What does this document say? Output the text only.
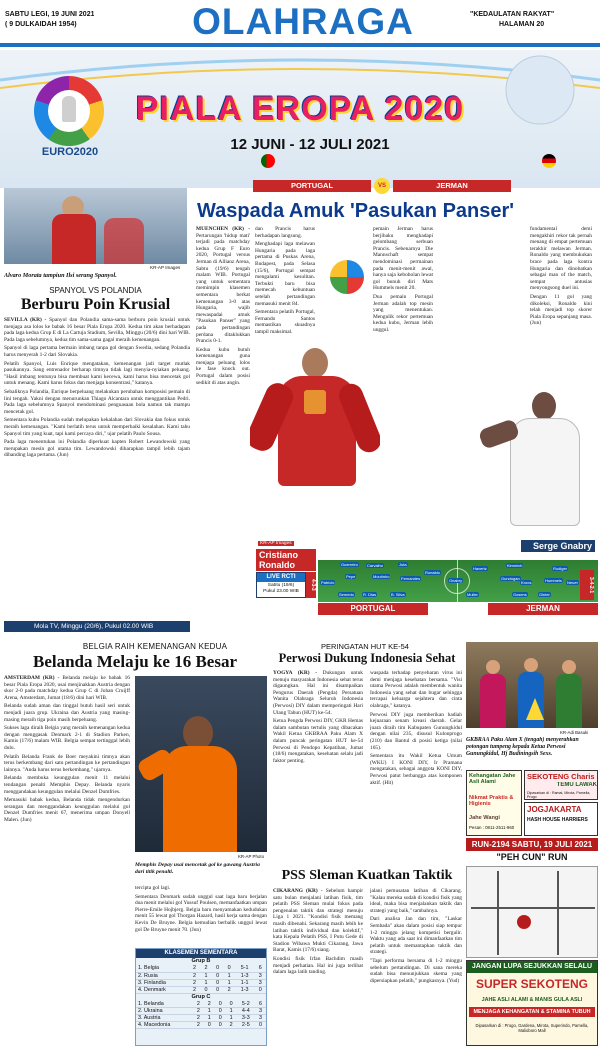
SABTU LEGI, 19 JUNI 2021
( 9 DULKAIDAH 1954)	OLAHRAGA	"KEDAULATAN RAKYAT"
HALAMAN 20
EURO2020
PIALA EROPA 2020
12 JUNI - 12 JULI 2021
KR-AP Images
Alvaro Morata tampiun Ilsi serang Spanyol.
SPANYOL VS POLANDIA
Berburu Poin Krusial

SEVILLA (KR) - Spanyol dan Polandia sama-sama berburu poin krusial untuk menjaga asa lolos ke babak 16 besar Piala Eropa 2020. Kedua tim akan berhadapan pada laga kedua Grup E di La Cartuja Stadium, Sevilla, Minggu (20/6) dini hari WIB. Pada laga sebelumnya, kedua tim sama-sama gagal meraih kemenangan.

Spanyol di laga pertama bermain imbang tanpa gol dengan Swedia, sedang Polandia harus menyerah 1-2 dari Slovakia.

Pelatih Spanyol, Luis Enrique mengatakan, kemenangan jadi target mutlak pasukannya. Sang entrenador berharap timnya tidak lagi menyia-nyiakan peluang. "Hasil imbang tentunya bisa membuat kami kecewa, kami harus bisa mencetak gol untuk menang. Kami harus fokus dan menjaga konsentrasi," katanya.

Sebaliknya Polandia, Enrique berpeluang melakukan perubahan komposisi pemain di lini tengah. Yakni dengan menurunkan Thiago Alcantara untuk menggantikan Pedri. Pada laga sebelumnya Spanyol mendominasi penguasaan bola namun tak mampu mencetak gol.

Sementara kubu Polandia sudah melupakan kekalahan dari Slovakia dan fokus untuk meraih kemenangan. "Kami berlatih terus untuk memperbaiki kesalahan. Kami tahu Spanyol tim yang kuat, tapi kami percaya diri," ujar pelatih Paulo Sousa.

Pada laga menentukan ini Polandia diperkuat kapten Robert Lewandowski yang merupakan mesin gol utama tim. Lewandowski diharapkan tampil lebih tajam dibanding laga pertama. (Jun)

Mola TV, Minggu (20/6), Pukul 02.00 WIB
PORTUGAL	VS	JERMAN
Waspada Amuk 'Pasukan Panser'

MUENCHEN (KR) - Pertarungan 'hidup mati' terjadi pada matchday kedua Grup F Euro 2020, Portugal versus Jerman di Allianz Arena, Sabtu (19/6) tengah malam WIB. Portugal yang untuk sementara memimpin klasemen sementara berkat kemenangan 3-0 atas Hungaria, wajib mewaspadai amuk "Pasukan Panser" yang pada pertandingan perdana ditaklukkan Prancis 0-1.

Kedua kubu butuh kemenangan guna menjaga peluang lolos ke fase knock out. Portugal dalam posisi sedikit di atas angin.

dan Prancis harus berhadapan langsung.

Menghadapi laga melawan Hungaria pada laga pertama di Puskas Arena, Budapest, pada Selasa (15/6), Portugal sempat mengalami kesulitan. Terbukti baru bisa memecah kebuntuan setelah pertandingan memasuki menit 84.

Sementara pelatih Portugal, Fernando Santos memastikan skuadnya tampil maksimal.

pemain Jerman harus berjibaku menghadapi gelombang serbuan Prancis. Sebenarnya Die Mannschaft sempat mendominasi permainan pada menit-menit awal, hanya saja kebobolan lewat gol bunuh diri Mats Hummels menit 20.

Dua pemain Portugal Jerman adalah top mesin yang menentukan. Mengulik rekor pertemuan kedua kubu, Jerman lebih unggul.

fundamental demi mengakhiri rekor tak pernah menang di empat pertemuan terakhir melawan Jerman. Ronaldo yang membukukan brace pada laga kontra Hungaria dan dinobatkan sebagai man of the match, sempat antusias menyongsong duel ini.

Dengan 11 gol yang dikoleksi, Ronaldo kini telah menjadi top skorer Piala Eropa sepanjang masa. (Jun)

KR-AP Images
Cristiano Ronaldo
Serge Gnabry
4-3-3	3-4-2-1
Patricio
Semedo
Pepe
R. Dias
Guerreiro Carvalho
Moutinho
B. Silva
Jota
Fernandes
Ronaldo
Neuer
Ginter
Hummels
Rudiger
Kimmich
Gundogan
Kroos
Gosens
Muller
Havertz
Gnabry
LIVE RCTI
Sabtu (19/6)
Pukul 23.00 WIB
PORTUGAL	JERMAN
BELGIA RAIH KEMENANGAN KEDUA
Belanda Melaju ke 16 Besar

AMSTERDAM (KR) - Belanda melaju ke babak 16 besar Piala Eropa 2020, usai menjinakkan Austria dengan skor 2-0 pada matchday kedua Grup C di Johan Cruijff Arena, Amsterdam, Jumat (18/6) dini hari WIB.

Belanda sudah aman dan tinggal butuh hasil seri untuk menjadi juara grup. Ukraina dan Austria yang masing-masing meraih tiga poin masih berpeluang.

Sukses laga diraih Belgia yang meraih kemenangan kedua dengan menggasak Denmark 2-1 di Stadion Parken, Kamis (17/6) malam WIB. Belgia sempat tertinggal lebih dulu.

Pelatih Belanda Frank de Boer meyakini timnya akan terus berkembang dari satu pertandingan ke pertandingan lainnya. "Anda harus terus berkembang," ujarnya.

Belanda membuka keunggulan menit 11 melalui tendangan penalti Memphis Depay. Belanda nyaris menggandakan keunggulan melalui Denzel Dumfries.

Memasuki babak kedua, Belanda tidak mengendurkan serangan dan menggandakan keunggulan melalui gol Denzel Dumfries menit 67, menerima umpan Donyell Malen. (Jun)

KR-AP Photo
Memphis Depay usai mencetak gol ke gawang Austria dari titik penalti.

tercipta gol lagi.

Sementara Denmark sudah unggul saat laga baru berjalan dua menit melalui gol Yussuf Poulsen, memanfaatkan umpan Pierre-Emile Hojbjerg. Belgia baru menyamakan kedudukan menit 55 lewat gol Thorgan Hazard, hasil kerja sama dengan Kevin De Bruyne. Belgia kemudian berbalik unggul lewat gol De Bruyne menit 70. (Jun)

KLASEMEN SEMENTARA
Grup B
1. Belgia	2	2	0	0	5-1	6
2. Rusia	2	1	0	1	1-3	3
3. Finlandia	2	1	0	1	1-1	3
4. Denmark	2	0	0	2	1-3	0
Grup C
1. Belanda	2	2	0	0	5-2	6
2. Ukraina	2	1	0	1	4-4	3
3. Austria	2	1	0	1	3-3	3
4. Macedonia	2	0	0	2	2-5	0
PERINGATAN HUT KE-54
Perwosi Dukung Indonesia Sehat

YOGYA (KR) - Dukungan untuk menuju masyarakat Indonesia sehat terus digaungkan. Hal ini disampaikan Pengurus Daerah (Pengda) Persatuan Wanita Olahraga Seluruh Indonesia (Perwosi) DIY dalam memperingati Hari Ulang Tahun (HUT) ke-54.

Ketua Pengda Perwosi DIY, GKR Hemas dalam sambutan tertulis yang dibacakan Wakil Ketua GKBRAA Paku Alam X dalam puncak peringatan HUT ke-54 Perwosi di Pendopo Kepatihan, Jumat (18/6) mengatakan, kesehatan selalu jadi faktor penting.

waspada terhadap penyebaran virus ini demi menjaga kesehatan bersama. "Visi utama Perwosi adalah membentuk wanita Indonesia yang sehat dan bugar sehingga tercapai keluarga sejahtera dan cinta olahraga," katanya.

Perwosi DIY juga memberikan hadiah kejuaraan senam kreasi daerah. Gelar juara diraih tim Kabupaten Gunungkidul dengan nilai 235, disusul Kulonprogo (210) dan Bantul di posisi ketiga (nilai 165).

Sementara itu Wakil Ketua Umum (WKU) I KONI DIY, Ir Pramana mengatakan, sebagai anggota KONI DIY, Perwosi patut berbangga atas komponen aktif. (Hit)

KR-Adi Basuki
GKBRAA Paku Alam X (tengah) menyerahkan potongan tumpeng kepada Ketua Perwosi Gunungkidul, Hj Budiningsih Sexs.
PSS Sleman Kuatkan Taktik

CIKARANG (KR) - Sebelum hampir satu bulan menjalani latihan fisik, tim pelatih PSS Sleman mulai fokus pada pengenalan taktik dan strategi menuju Liga 1 2021. "Kondisi fisik memang masih dibenahi. Sekarang masih lebih ke latihan taktik individual dan kolektif," kata Kepala Pelatih PSS, I Putu Gede di Stadion Wibawa Mukti Cikarang, Jawa Barat, Kamis (17/6) siang.

Kondisi fisik Irfan Bachdim masih menjadi perhatian. Hal ini juga terlihat dalam laga latih tanding.

jalani pemusatan latihan di Cikarang. "Kalau mereka sudah di kondisi fisik yang ideal, maka bisa menjalankan taktik dan strategi yang baik," tambahnya.

Dari analisa Jan dan tim, "Laskar Sembada" akan dalam posisi siap tempur 1-2 minggu jelang kompetisi bergulir. Waktu yang ada saat ini dimanfaatkan tim pelatih untuk memantapkan taktik dan strategi.

"Tapi performa bersama di 1-2 minggu sebelum pertandingan. Di sana mereka sudah bisa menunjukkan skema yang dipersiapkan pelatih," pungkasnya. (Yud)

Kehangatan Jahe Asli Alami
Nikmat Praktis & Higienis
Jahe Wangi
Pesan : 0811-2511-960
SEKOTENG Charis
TEMU LAWAK
Dipasarkan di : Ramai, Mirota, Pamella, Progo
JOGJAKARTA
HASH HOUSE HARRIERS
RUN-2194 SABTU, 19 JULI 2021
"PEH CUN" RUN
JANGAN LUPA SEJUKKAN SELALU
SUPER SEKOTENG
JAHE ASLI ALAMI & MANIS GULA ASLI
MENJAGA KEHANGATAN & STAMINA TUBUH
Dipasarkan di : Progo, Gardena, Mirota, Superindo, Pamella, Malioboro Mall
